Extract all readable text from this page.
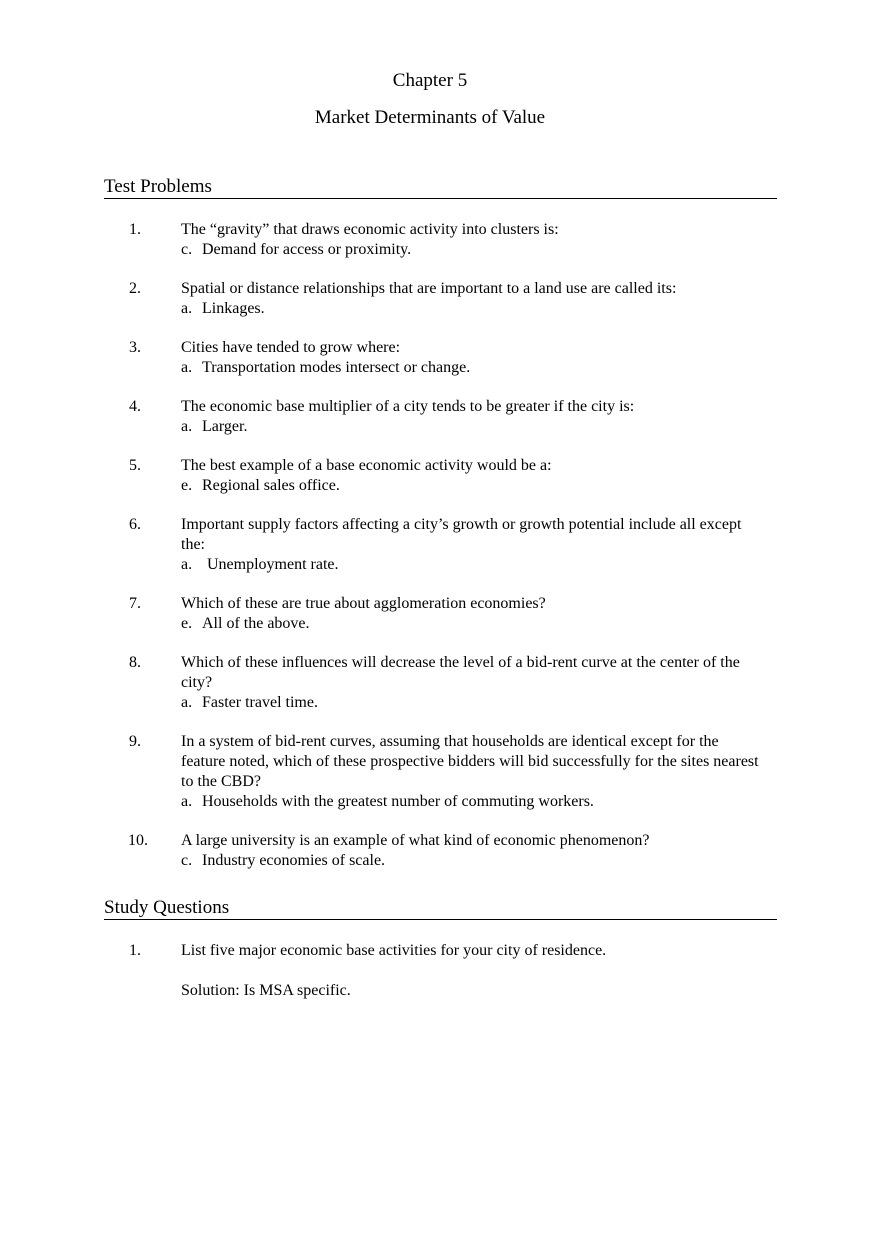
Chapter 5
Market Determinants of Value
Test Problems
1.	The “gravity” that draws economic activity into clusters is:
c. Demand for access or proximity.
2.	Spatial or distance relationships that are important to a land use are called its:
a. Linkages.
3.	Cities have tended to grow where:
a. Transportation modes intersect or change.
4.	The economic base multiplier of a city tends to be greater if the city is:
a. Larger.
5.	The best example of a base economic activity would be a:
e. Regional sales office.
6.	Important supply factors affecting a city’s growth or growth potential include all except the:
a. Unemployment rate.
7.	Which of these are true about agglomeration economies?
e. All of the above.
8.	Which of these influences will decrease the level of a bid-rent curve at the center of the city?
a. Faster travel time.
9.	In a system of bid-rent curves, assuming that households are identical except for the feature noted, which of these prospective bidders will bid successfully for the sites nearest to the CBD?
a. Households with the greatest number of commuting workers.
10.	A large university is an example of what kind of economic phenomenon?
c. Industry economies of scale.
Study Questions
1.	List five major economic base activities for your city of residence.
Solution: Is MSA specific.
